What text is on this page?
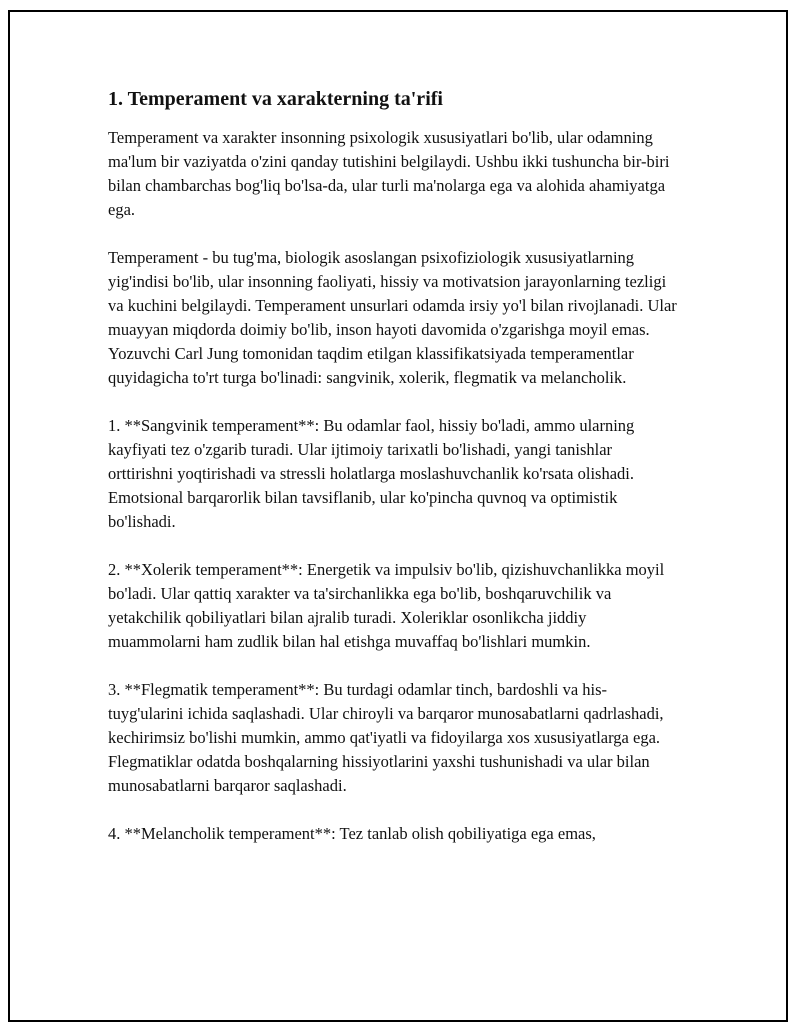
1. Temperament va xarakterning ta'rifi

Temperament va xarakter insonning psixologik xususiyatlari bo'lib, ular odamning ma'lum bir vaziyatda o'zini qanday tutishini belgilaydi. Ushbu ikki tushuncha bir-biri bilan chambarchas bog'liq bo'lsa-da, ular turli ma'nolarga ega va alohida ahamiyatga ega.

Temperament - bu tug'ma, biologik asoslangan psixofiziologik xususiyatlarning yig'indisi bo'lib, ular insonning faoliyati, hissiy va motivatsion jarayonlarning tezligi va kuchini belgilaydi. Temperament unsurlari odamda irsiy yo'l bilan rivojlanadi. Ular muayyan miqdorda doimiy bo'lib, inson hayoti davomida o'zgarishga moyil emas. Yozuvchi Carl Jung tomonidan taqdim etilgan klassifikatsiyada temperamentlar quyidagicha to'rt turga bo'linadi: sangvinik, xolerik, flegmatik va melancholik.

1. **Sangvinik temperament**: Bu odamlar faol, hissiy bo'ladi, ammo ularning kayfiyati tez o'zgarib turadi. Ular ijtimoiy tarixatli bo'lishadi, yangi tanishlar orttirishni yoqtirishadi va stressli holatlarga moslashuvchanlik ko'rsata olishadi. Emotsional barqarorlik bilan tavsiflanib, ular ko'pincha quvnoq va optimistik bo'lishadi.

2. **Xolerik temperament**: Energetik va impulsiv bo'lib, qizishuvchanlikka moyil bo'ladi. Ular qattiq xarakter va ta'sirchanlikka ega bo'lib, boshqaruvchilik va yetakchilik qobiliyatlari bilan ajralib turadi. Xoleriklar osonlikcha jiddiy muammolarni ham zudlik bilan hal etishga muvaffaq bo'lishlari mumkin.

3. **Flegmatik temperament**: Bu turdagi odamlar tinch, bardoshli va his-tuyg'ularini ichida saqlashadi. Ular chiroyli va barqaror munosabatlarni qadrlashadi, kechirimsiz bo'lishi mumkin, ammo qat'iyatli va fidoyilarga xos xususiyatlarga ega. Flegmatiklar odatda boshqalarning hissiyotlarini yaxshi tushunishadi va ular bilan munosabatlarni barqaror saqlashadi.

4. **Melancholik temperament**: Tez tanlab olish qobiliyatiga ega emas,
